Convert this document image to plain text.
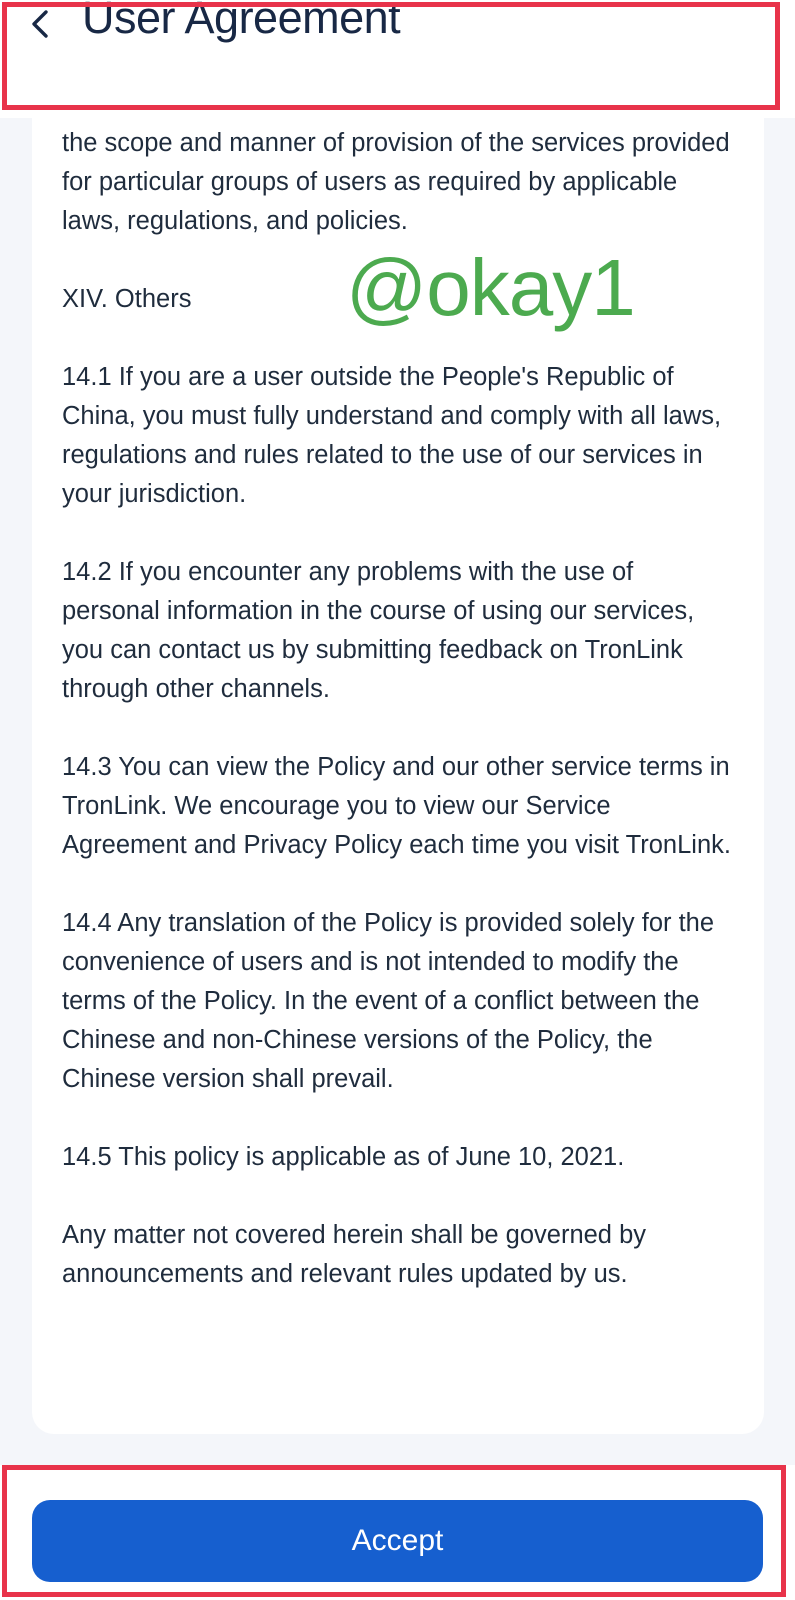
User Agreement

the scope and manner of provision of the services provided for particular groups of users as required by applicable laws, regulations, and policies.

XIV. Others

14.1 If you are a user outside the People's Republic of China, you must fully understand and comply with all laws, regulations and rules related to the use of our services in your jurisdiction.

14.2 If you encounter any problems with the use of personal information in the course of using our services, you can contact us by submitting feedback on TronLink through other channels.

14.3 You can view the Policy and our other service terms in TronLink. We encourage you to view our Service Agreement and Privacy Policy each time you visit TronLink.

14.4 Any translation of the Policy is provided solely for the convenience of users and is not intended to modify the terms of the Policy. In the event of a conflict between the Chinese and non-Chinese versions of the Policy, the Chinese version shall prevail.

14.5 This policy is applicable as of June 10, 2021.

Any matter not covered herein shall be governed by announcements and relevant rules updated by us.

@okay1
Accept
